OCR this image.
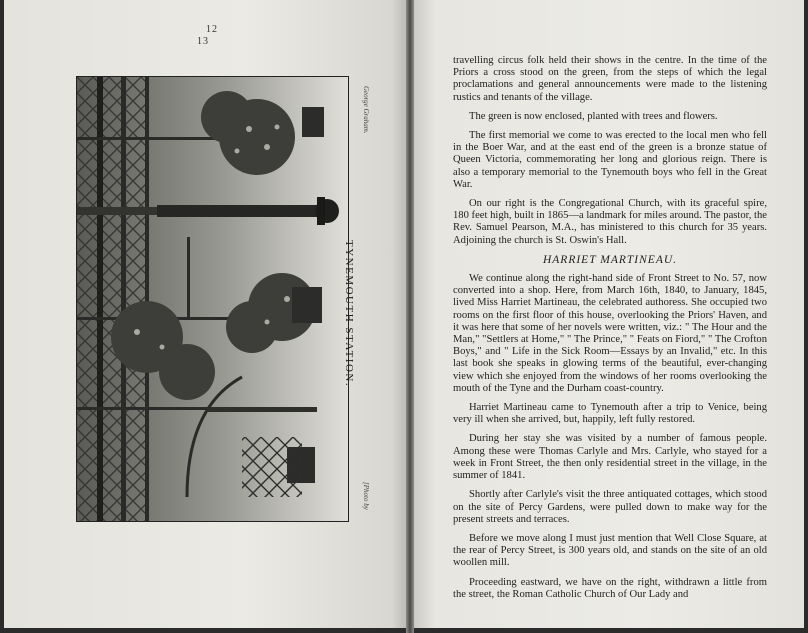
12
13
George Graham.
TYNEMOUTH STATION.
[Photo by

travelling circus folk held their shows in the centre. In the time of the Priors a cross stood on the green, from the steps of which the legal proclamations and general announcements were made to the listening rustics and tenants of the village.

The green is now enclosed, planted with trees and flowers.

The first memorial we come to was erected to the local men who fell in the Boer War, and at the east end of the green is a bronze statue of Queen Victoria, commemorating her long and glorious reign. There is also a temporary memorial to the Tynemouth boys who fell in the Great War.

On our right is the Congregational Church, with its graceful spire, 180 feet high, built in 1865—a landmark for miles around. The pastor, the Rev. Samuel Pearson, M.A., has ministered to this church for 35 years. Adjoining the church is St. Oswin's Hall.

HARRIET MARTINEAU.

We continue along the right-hand side of Front Street to No. 57, now converted into a shop. Here, from March 16th, 1840, to January, 1845, lived Miss Harriet Martineau, the celebrated authoress. She occupied two rooms on the first floor of this house, overlooking the Priors' Haven, and it was here that some of her novels were written, viz.: " The Hour and the Man," "Settlers at Home," " The Prince," " Feats on Fiord," " The Crofton Boys," and " Life in the Sick Room—Essays by an Invalid," etc. In this last book she speaks in glowing terms of the beautiful, ever-changing view which she enjoyed from the windows of her rooms overlooking the mouth of the Tyne and the Durham coast-country.

Harriet Martineau came to Tynemouth after a trip to Venice, being very ill when she arrived, but, happily, left fully restored.

During her stay she was visited by a number of famous people. Among these were Thomas Carlyle and Mrs. Carlyle, who stayed for a week in Front Street, the then only residential street in the village, in the summer of 1841.

Shortly after Carlyle's visit the three antiquated cottages, which stood on the site of Percy Gardens, were pulled down to make way for the present streets and terraces.

Before we move along I must just mention that Well Close Square, at the rear of Percy Street, is 300 years old, and stands on the site of an old woollen mill.

Proceeding eastward, we have on the right, withdrawn a little from the street, the Roman Catholic Church of Our Lady and
